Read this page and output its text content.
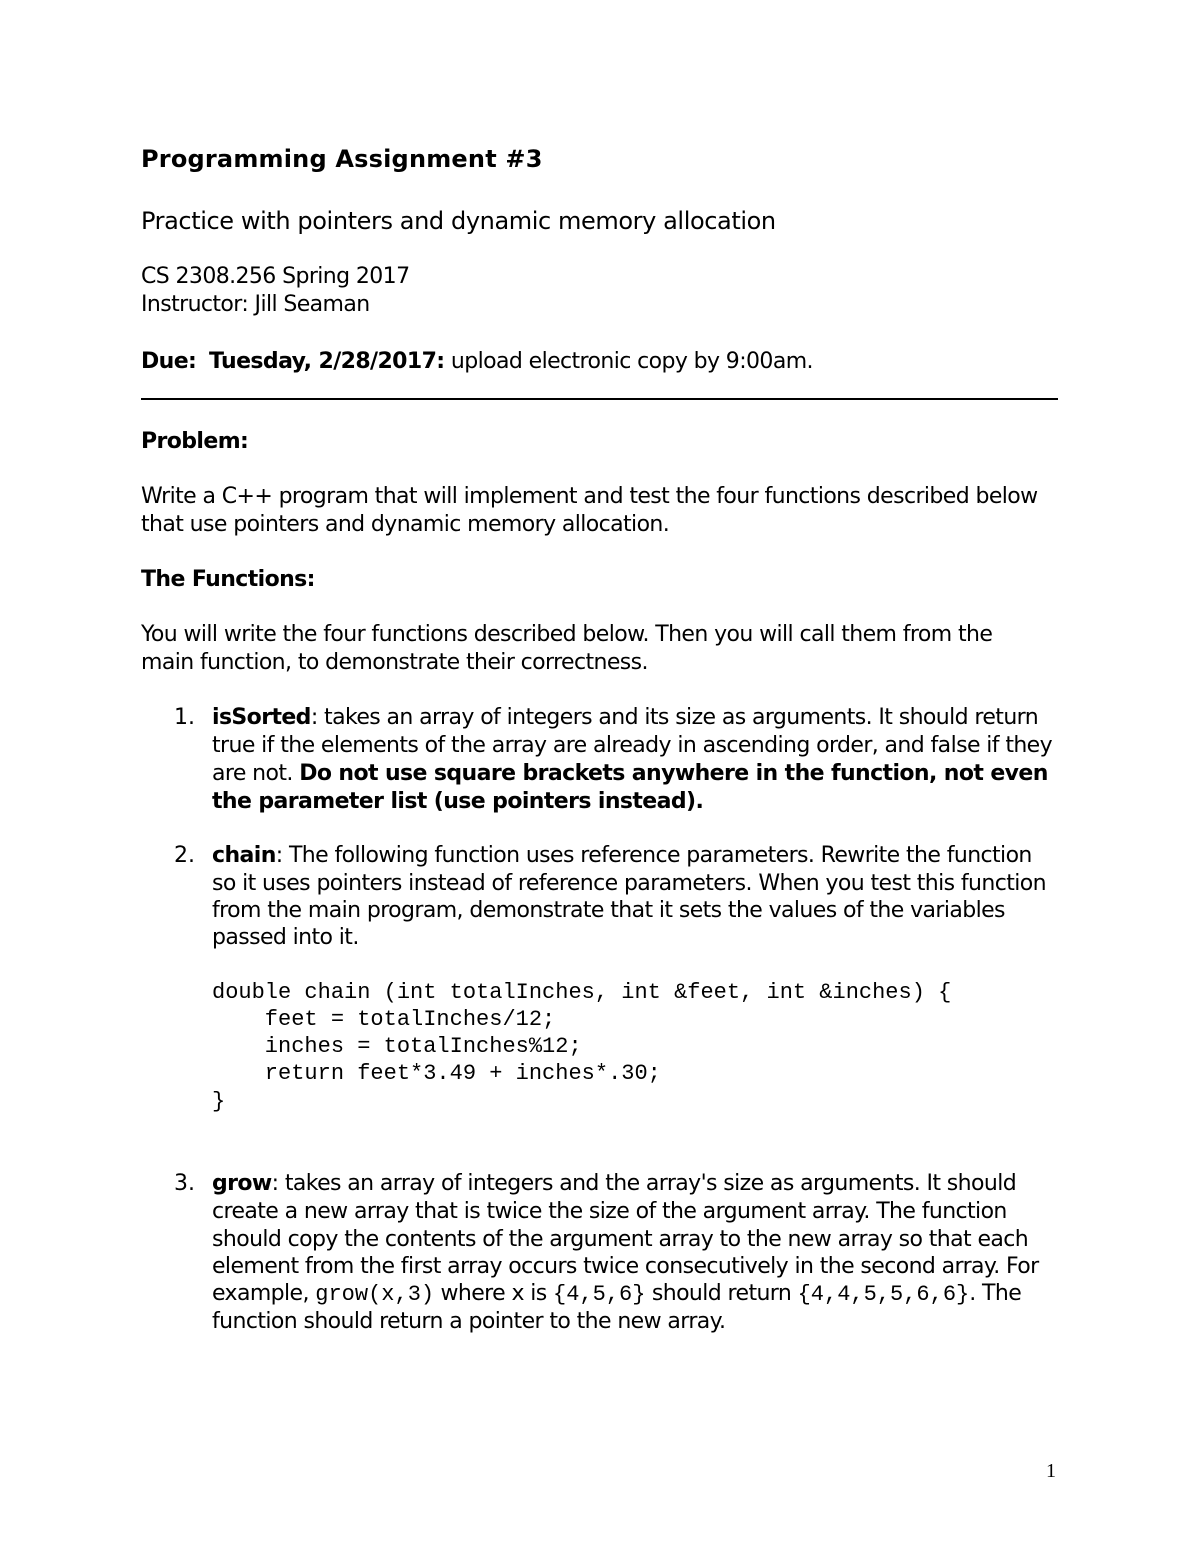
Programming Assignment #3
Practice with pointers and dynamic memory allocation
CS 2308.256 Spring 2017
Instructor: Jill Seaman
Due: Tuesday, 2/28/2017: upload electronic copy by 9:00am.
Problem:
Write a C++ program that will implement and test the four functions described below
that use pointers and dynamic memory allocation.
The Functions:
You will write the four functions described below. Then you will call them from the
main function, to demonstrate their correctness.
1. isSorted: takes an array of integers and its size as arguments. It should return
true if the elements of the array are already in ascending order, and false if they
are not. Do not use square brackets anywhere in the function, not even
the parameter list (use pointers instead).
2. chain: The following function uses reference parameters. Rewrite the function
so it uses pointers instead of reference parameters. When you test this function
from the main program, demonstrate that it sets the values of the variables
passed into it.
double chain (int totalInches, int &feet, int &inches) {
feet = totalInches/12;
inches = totalInches%12;
return feet*3.49 + inches*.30;
}
3. grow: takes an array of integers and the array's size as arguments. It should
create a new array that is twice the size of the argument array. The function
should copy the contents of the argument array to the new array so that each
element from the first array occurs twice consecutively in the second array. For
example, grow(x,3) where x is {4,5,6} should return {4,4,5,5,6,6}. The
function should return a pointer to the new array.
1
